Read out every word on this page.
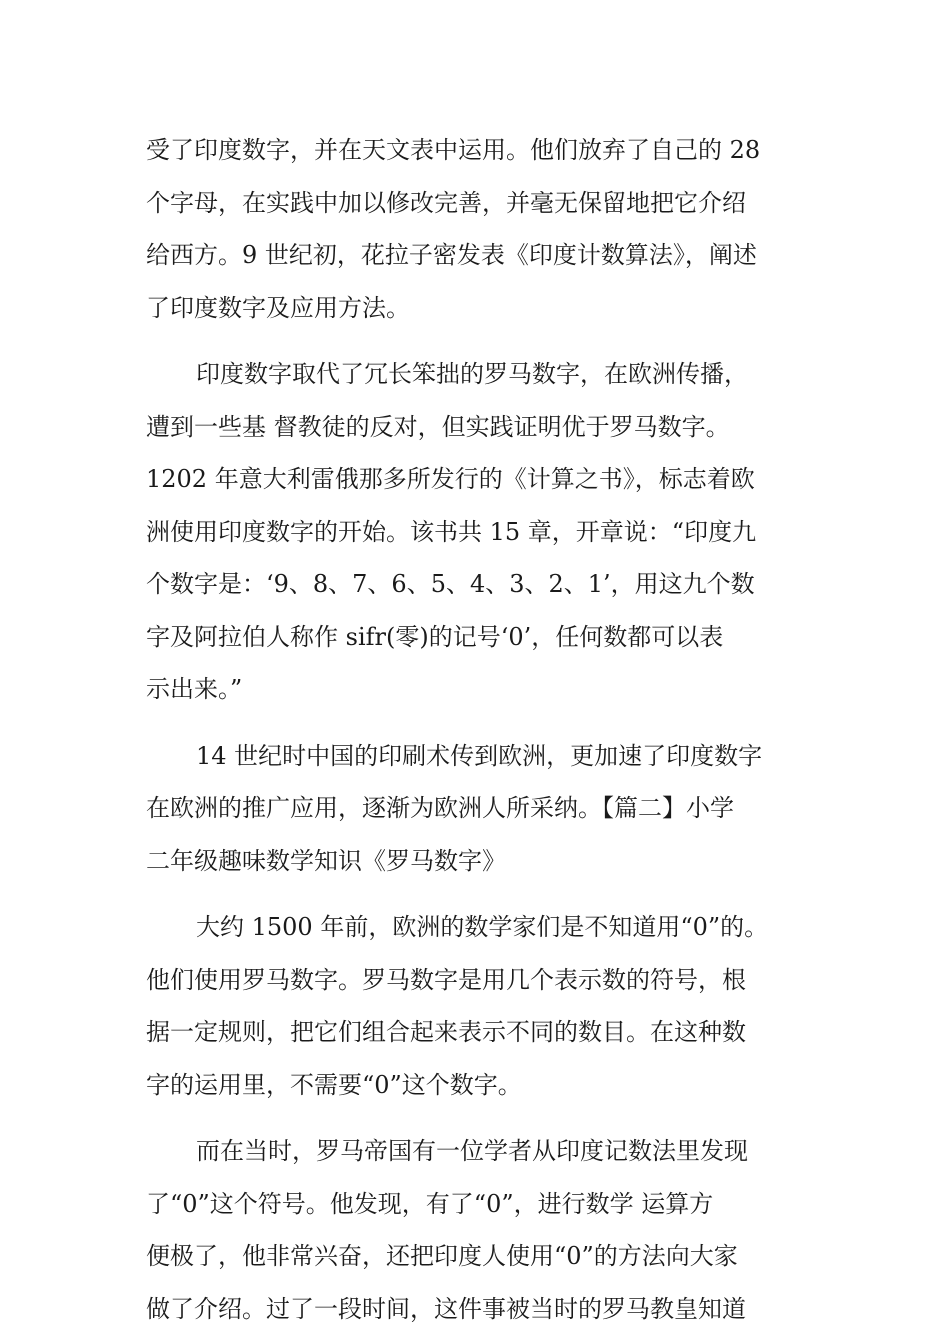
受了印度数字，并在天文表中运用。他们放弃了自己的 28
个字母，在实践中加以修改完善，并毫无保留地把它介绍
给西方。9 世纪初，花拉子密发表《印度计数算法》，阐述
了印度数字及应用方法。
印度数字取代了冗长笨拙的罗马数字，在欧洲传播，
遭到一些基 督教徒的反对，但实践证明优于罗马数字。
1202 年意大利雷俄那多所发行的《计算之书》，标志着欧
洲使用印度数字的开始。该书共 15 章，开章说：“印度九
个数字是：‘9、8、7、6、5、4、3、2、1’，用这九个数
字及阿拉伯人称作 sifr(零)的记号‘0’，任何数都可以表
示出来。”
14 世纪时中国的印刷术传到欧洲，更加速了印度数字
在欧洲的推广应用，逐渐为欧洲人所采纳。【篇二】小学
二年级趣味数学知识《罗马数字》
大约 1500 年前，欧洲的数学家们是不知道用“0”的。
他们使用罗马数字。罗马数字是用几个表示数的符号，根
据一定规则，把它们组合起来表示不同的数目。在这种数
字的运用里，不需要“0”这个数字。
而在当时，罗马帝国有一位学者从印度记数法里发现
了“0”这个符号。他发现，有了“0”，进行数学 运算方
便极了，他非常兴奋，还把印度人使用“0”的方法向大家
做了介绍。过了一段时间，这件事被当时的罗马教皇知道
